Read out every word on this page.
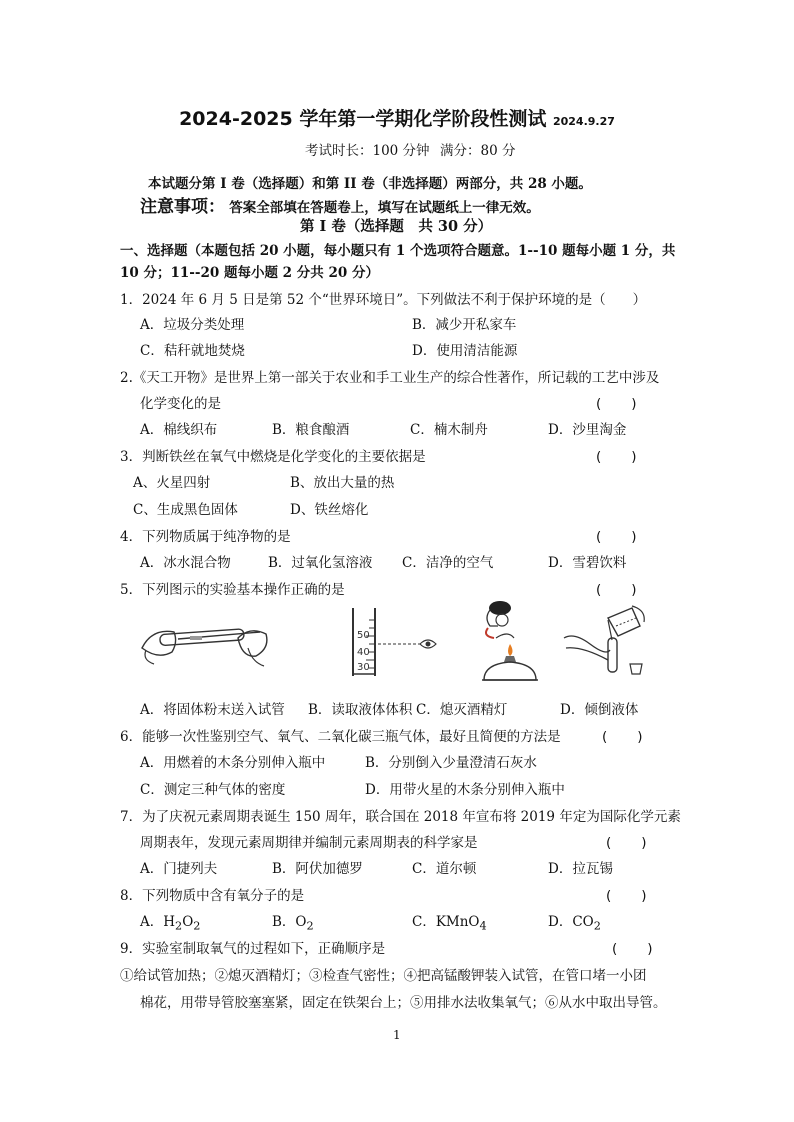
2024-2025 学年第一学期化学阶段性测试 2024.9.27
考试时长：100 分钟 满分：80 分
本试题分第 I 卷（选择题）和第 II 卷（非选择题）两部分，共 28 小题。
注意事项： 答案全部填在答题卷上，填写在试题纸上一律无效。
第 I 卷（选择题　共 30 分）
一、选择题（本题包括 20 小题，每小题只有 1 个选项符合题意。1--10 题每小题 1 分，共
10 分；11--20 题每小题 2 分共 20 分）
1．2024 年 6 月 5 日是第 52 个“世界环境日”。下列做法不利于保护环境的是（　　）
A．垃圾分类处理	B．减少开私家车
C．秸秆就地焚烧	D．使用清洁能源
2.《天工开物》是世界上第一部关于农业和手工业生产的综合性著作，所记载的工艺中涉及
化学变化的是	(　　)
A．棉线织布	B．粮食酿酒	C．楠木制舟	D．沙里淘金
3．判断铁丝在氧气中燃烧是化学变化的主要依据是	(　　)
A、火星四射	B、放出大量的热
C、生成黑色固体	D、铁丝熔化
4．下列物质属于纯净物的是	(　　)
A．冰水混合物	B．过氧化氢溶液 C．洁净的空气	D．雪碧饮料
5．下列图示的实验基本操作正确的是	(　　)
50
40
30
A．将固体粉末送入试管 B．读取液体体积 C．熄灭酒精灯	D．倾倒液体
6．能够一次性鉴别空气、氧气、二氧化碳三瓶气体，最好且简便的方法是	(　　)
A．用燃着的木条分别伸入瓶中	B．分别倒入少量澄清石灰水
C．测定三种气体的密度	D．用带火星的木条分别伸入瓶中
7．为了庆祝元素周期表诞生 150 周年，联合国在 2018 年宣布将 2019 年定为国际化学元素
周期表年，发现元素周期律并编制元素周期表的科学家是	(　　)
A．门捷列夫	B．阿伏加德罗	C．道尔顿	D．拉瓦锡
8．下列物质中含有氧分子的是	(　　)
A．$H_2O_2$	B．$O_2$	C．KMnO$_4$	D．$CO_2$
9．实验室制取氧气的过程如下，正确顺序是	(　　)
①给试管加热；②熄灭酒精灯；③检查气密性；④把高锰酸钾装入试管，在管口堵一小团
棉花，用带导管胶塞塞紧，固定在铁架台上；⑤用排水法收集氧气；⑥从水中取出导管。
1
